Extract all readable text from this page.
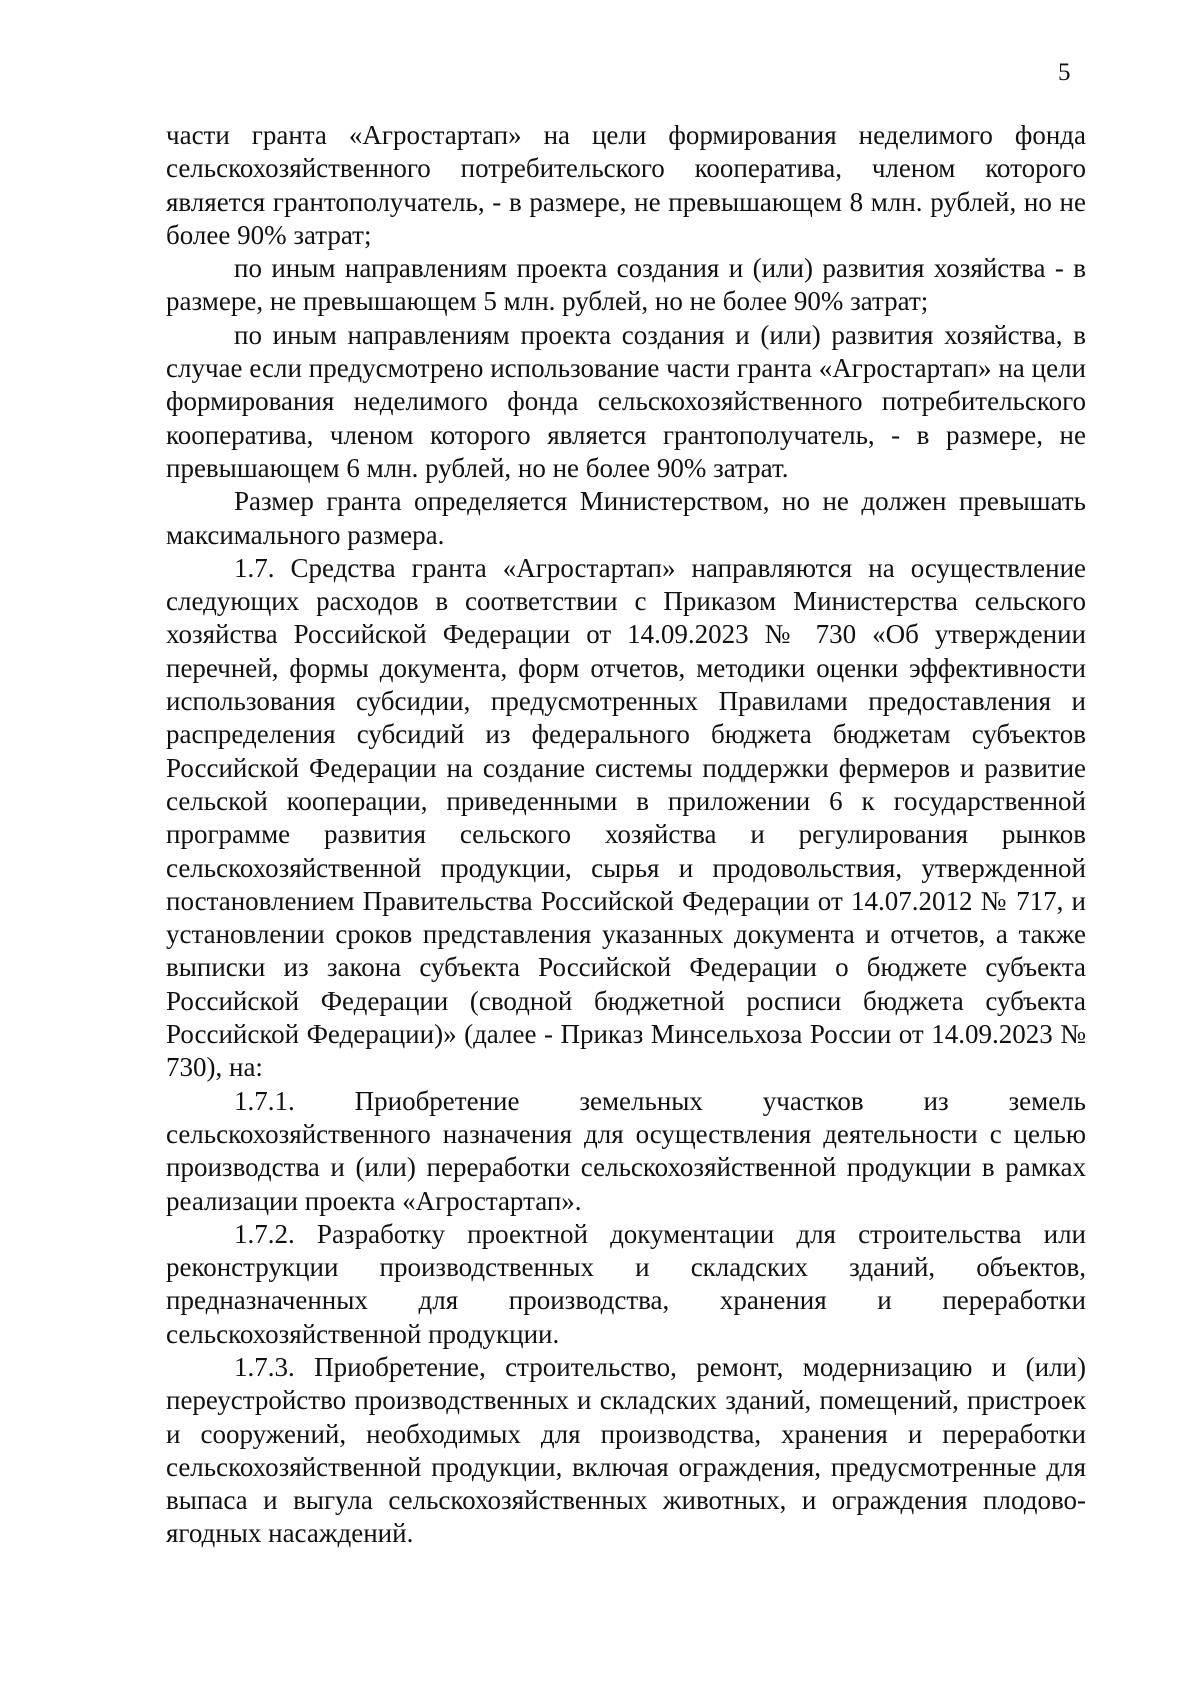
5

части гранта «Агростартап» на цели формирования неделимого фонда сельскохозяйственного потребительского кооператива, членом которого является грантополучатель, - в размере, не превышающем 8 млн. рублей, но не более 90% затрат;

по иным направлениям проекта создания и (или) развития хозяйства - в размере, не превышающем 5 млн. рублей, но не более 90% затрат;

по иным направлениям проекта создания и (или) развития хозяйства, в случае если предусмотрено использование части гранта «Агростартап» на цели формирования неделимого фонда сельскохозяйственного потребительского кооператива, членом которого является грантополучатель, - в размере, не превышающем 6 млн. рублей, но не более 90% затрат.

Размер гранта определяется Министерством, но не должен превышать максимального размера.

1.7. Средства гранта «Агростартап» направляются на осуществление следующих расходов в соответствии с Приказом Министерства сельского хозяйства Российской Федерации от 14.09.2023 № 730 «Об утверждении перечней, формы документа, форм отчетов, методики оценки эффективности использования субсидии, предусмотренных Правилами предоставления и распределения субсидий из федерального бюджета бюджетам субъектов Российской Федерации на создание системы поддержки фермеров и развитие сельской кооперации, приведенными в приложении 6 к государственной программе развития сельского хозяйства и регулирования рынков сельскохозяйственной продукции, сырья и продовольствия, утвержденной постановлением Правительства Российской Федерации от 14.07.2012 № 717, и установлении сроков представления указанных документа и отчетов, а также выписки из закона субъекта Российской Федерации о бюджете субъекта Российской Федерации (сводной бюджетной росписи бюджета субъекта Российской Федерации)» (далее - Приказ Минсельхоза России от 14.09.2023 № 730), на:

1.7.1. Приобретение земельных участков из земель сельскохозяйственного назначения для осуществления деятельности с целью производства и (или) переработки сельскохозяйственной продукции в рамках реализации проекта «Агростартап».

1.7.2. Разработку проектной документации для строительства или реконструкции производственных и складских зданий, объектов, предназначенных для производства, хранения и переработки сельскохозяйственной продукции.

1.7.3. Приобретение, строительство, ремонт, модернизацию и (или) переустройство производственных и складских зданий, помещений, пристроек и сооружений, необходимых для производства, хранения и переработки сельскохозяйственной продукции, включая ограждения, предусмотренные для выпаса и выгула сельскохозяйственных животных, и ограждения плодово-ягодных насаждений.
